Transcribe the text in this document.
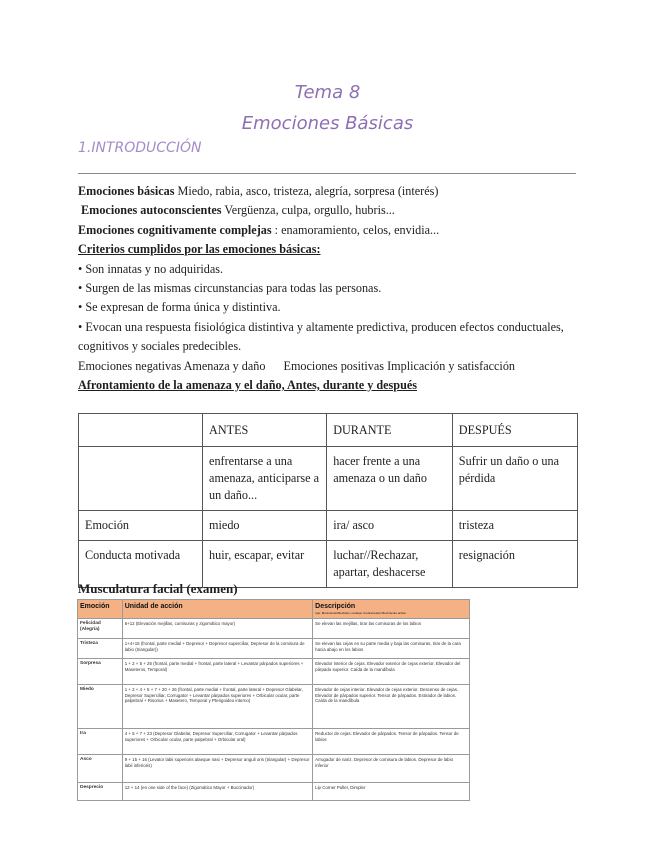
Tema 8
Emociones Básicas
1.INTRODUCCIÓN
Emociones básicas Miedo, rabia, asco, tristeza, alegría, sorpresa (interés)
Emociones autoconscientes Vergüenza, culpa, orgullo, hubris...
Emociones cognitivamente complejas : enamoramiento, celos, envidia...
Criterios cumplidos por las emociones básicas:
• Son innatas y no adquiridas.
• Surgen de las mismas circunstancias para todas las personas.
• Se expresan de forma única y distintiva.
• Evocan una respuesta fisiológica distintiva y altamente predictiva, producen efectos conductuales, cognitivos y sociales predecibles.
Emociones negativas Amenaza y daño Emociones positivas Implicación y satisfacción
Afrontamiento de la amenaza y el daño, Antes, durante y después
	ANTES	DURANTE	DESPUÉS
	enfrentarse a una amenaza, anticiparse a un daño...	hacer frente a una amenaza o un daño	Sufrir un daño o una pérdida
Emoción	miedo	ira/ asco	tristeza
Conducta motivada	huir, escapar, evitar	luchar//Rechazar, apartar, deshacerse	resignación
Musculatura facial (examen)
Emoción	Unidad de acción	Descripción
rojo: Movimiento/Rechazo; naranja: Contrarrestar Movimiento activa

Felicidad (Alegría)	6+12 (Elevación mejillas, comisuras y zigomático mayor)	Se elevan las mejillas, tirar las comisuras de los labios
Tristeza	1+4+15 (frontal, parte medial + Depresor + Depresor superciliar, Depresor de la comisura de labio (triangular))	Se elevan las cejas en su parte media y baja las comisuras, tirar de la cara hacia abajo en los labios
Sorpresa	1 + 2 + 5 + 26 (frontal, parte medial + frontal, parte lateral + Levantar párpados superiores + Maseteros, Temporal)	Elevador interior de cejas. Elevador exterior de cejas exterior. Elevador del párpado superior. Caída de la mandíbula
Miedo	1 + 2 + 4 + 5 + 7 + 20 + 26 (frontal, parte medial + frontal, parte lateral + Depresor Glabelar, Depresor Superciliar, Corrugator + Levantar párpados superiores + Orbicular ocular, parte palpebral + Risorius + Masetero, Temporal y Pterigoideo interno)	Elevador de cejas interior. Elevador de cejas exterior. Descenso de cejas. Elevador de párpados superior. Tensor de párpados. Estirador de labios. Caída de la mandíbula
Ira	4 + 5 + 7 + 23 (Depresor Glabelar, Depresor Superciliar, Corrugator + Levantar párpados superiores + Orbicular ocular, parte palpebral + Orbicular oral)	Reductor de cejas. Elevador de párpados. Tensor de párpados. Tensor de labios
Asco	9 + 15 + 16 (Levator labii superioris alaeque nasi + Depresor anguli oris (triangular) + Depresor labii inferioris)	Arrugador de nariz. Depresor de comisura de labios. Depresor de labio inferior
Desprecio	12 + 14 (en one side of the face) (Zigomático Mayor + Buccinador)	Lip Corner Puller, Dimpler
